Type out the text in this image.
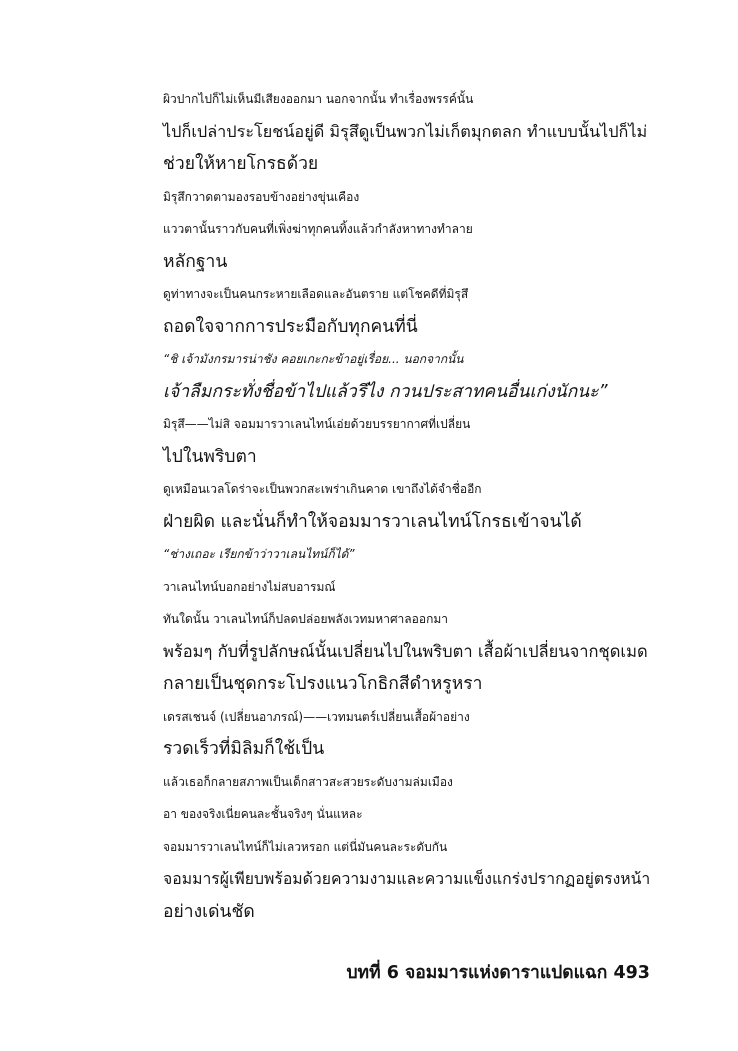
ผิวปากไปก็ไม่เห็นมีเสียงออกมา นอกจากนั้น ทำเรื่องพรรค์นั้น
ไปก็เปล่าประโยชน์อยู่ดี มิรุสึดูเป็นพวกไม่เก็ตมุกตลก ทำแบบนั้นไปก็ไม่
ช่วยให้หายโกรธด้วย

มิรุสึกวาดตามองรอบข้างอย่างขุ่นเคือง

แววตานั้นราวกับคนที่เพิ่งฆ่าทุกคนทิ้งแล้วกำลังหาทางทำลาย
หลักฐาน

ดูท่าทางจะเป็นคนกระหายเลือดและอันตราย แต่โชคดีที่มิรุสึ
ถอดใจจากการประมือกับทุกคนที่นี่

“ชิ เจ้ามังกรมารน่าชัง คอยเกะกะข้าอยู่เรื่อย... นอกจากนั้น
เจ้าลืมกระทั่งชื่อข้าไปแล้วรึไง กวนประสาทคนอื่นเก่งนักนะ”

มิรุสึ——ไม่สิ จอมมารวาเลนไทน์เอ่ยด้วยบรรยากาศที่เปลี่ยน
ไปในพริบตา

ดูเหมือนเวลโดร่าจะเป็นพวกสะเพร่าเกินคาด เขาถึงได้จำชื่ออีก
ฝ่ายผิด และนั่นก็ทำให้จอมมารวาเลนไทน์โกรธเข้าจนได้

“ช่างเถอะ เรียกข้าว่าวาเลนไทน์ก็ได้”

วาเลนไทน์บอกอย่างไม่สบอารมณ์

ทันใดนั้น วาเลนไทน์ก็ปลดปล่อยพลังเวทมหาศาลออกมา
พร้อมๆ กับที่รูปลักษณ์นั้นเปลี่ยนไปในพริบตา เสื้อผ้าเปลี่ยนจากชุดเมด
กลายเป็นชุดกระโปรงแนวโกธิกสีดำหรูหรา

เดรสเชนจ์ (เปลี่ยนอาภรณ์)——เวทมนตร์เปลี่ยนเสื้อผ้าอย่าง
รวดเร็วที่มิลิมก็ใช้เป็น

แล้วเธอก็กลายสภาพเป็นเด็กสาวสะสวยระดับงามล่มเมือง

อา ของจริงเนี่ยคนละชั้นจริงๆ นั่นแหละ

จอมมารวาเลนไทน์ก็ไม่เลวหรอก แต่นี่มันคนละระดับกัน
จอมมารผู้เพียบพร้อมด้วยความงามและความแข็งแกร่งปรากฏอยู่ตรงหน้า
อย่างเด่นชัด

บทที่ 6 จอมมารแห่งดาราแปดแฉก 493
